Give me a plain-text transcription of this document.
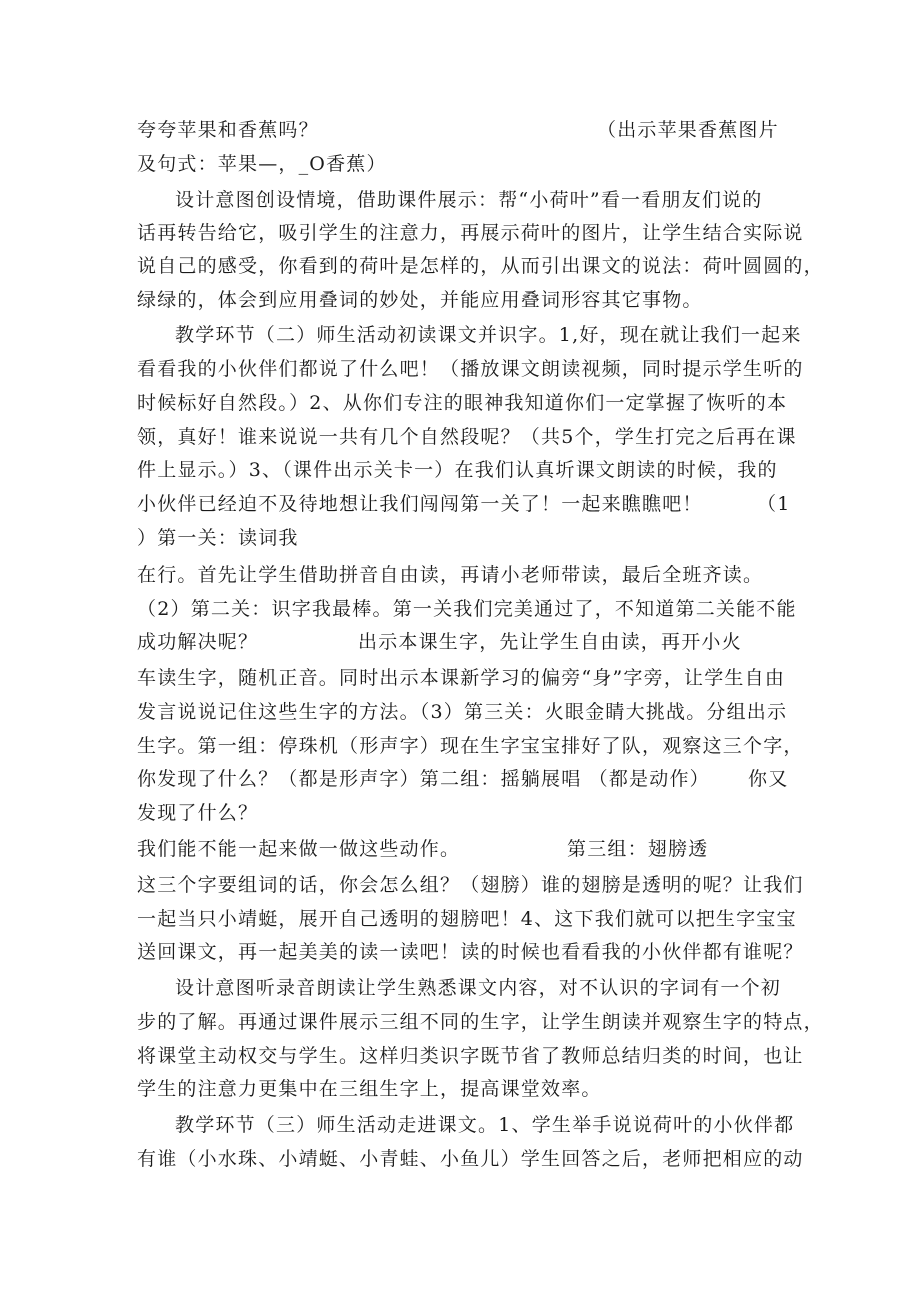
夸夸苹果和香蕉吗？	（出示苹果香蕉图片
及句式：苹果—，_O香蕉）
设计意图创设情境，借助课件展示：帮“小荷叶”看一看朋友们说的
话再转告给它，吸引学生的注意力，再展示荷叶的图片，让学生结合实际说
说自己的感受，你看到的荷叶是怎样的，从而引出课文的说法：荷叶圆圆的，
绿绿的，体会到应用叠词的妙处，并能应用叠词形容其它事物。
教学环节（二）师生活动初读课文并识字。1,好，现在就让我们一起来
看看我的小伙伴们都说了什么吧！（播放课文朗读视频，同时提示学生听的
时候标好自然段。）2、从你们专注的眼神我知道你们一定掌握了恢听的本
领，真好！谁来说说一共有几个自然段呢？（共5个，学生打完之后再在课
件上显示。）3、（课件出示关卡一）在我们认真圻课文朗读的时候，我的
小伙伴已经迫不及待地想让我们闯闯第一关了！一起来瞧瞧吧！	（1
）第一关：读词我
在行。首先让学生借助拼音自由读，再请小老师带读，最后全班齐读。
（2）第二关：识字我最棒。第一关我们完美通过了，不知道第二关能不能
成功解决呢？	出示本课生字，先让学生自由读，再开小火
车读生字，随机正音。同时出示本课新学习的偏旁“身”字旁，让学生自由
发言说说记住这些生字的方法。（3）第三关：火眼金睛大挑战。分组出示
生字。第一组：停珠机（形声字）现在生字宝宝排好了队，观察这三个字，
你发现了什么？（都是形声字）第二组：摇躺展唱 （都是动作） 你又
发现了什么？
我们能不能一起来做一做这些动作。	第三组：翅膀透
这三个字要组词的话，你会怎么组？（翅膀）谁的翅膀是透明的呢？让我们
一起当只小靖蜓，展开自己透明的翅膀吧！4、这下我们就可以把生字宝宝
送回课文，再一起美美的读一读吧！读的时候也看看我的小伙伴都有谁呢？
设计意图听录音朗读让学生熟悉课文内容，对不认识的字词有一个初
步的了解。再通过课件展示三组不同的生字，让学生朗读并观察生字的特点，
将课堂主动权交与学生。这样归类识字既节省了教师总结归类的时间，也让
学生的注意力更集中在三组生字上，提高课堂效率。
教学环节（三）师生活动走进课文。1、学生举手说说荷叶的小伙伴都
有谁（小水珠、小靖蜓、小青蛙、小鱼儿）学生回答之后，老师把相应的动
